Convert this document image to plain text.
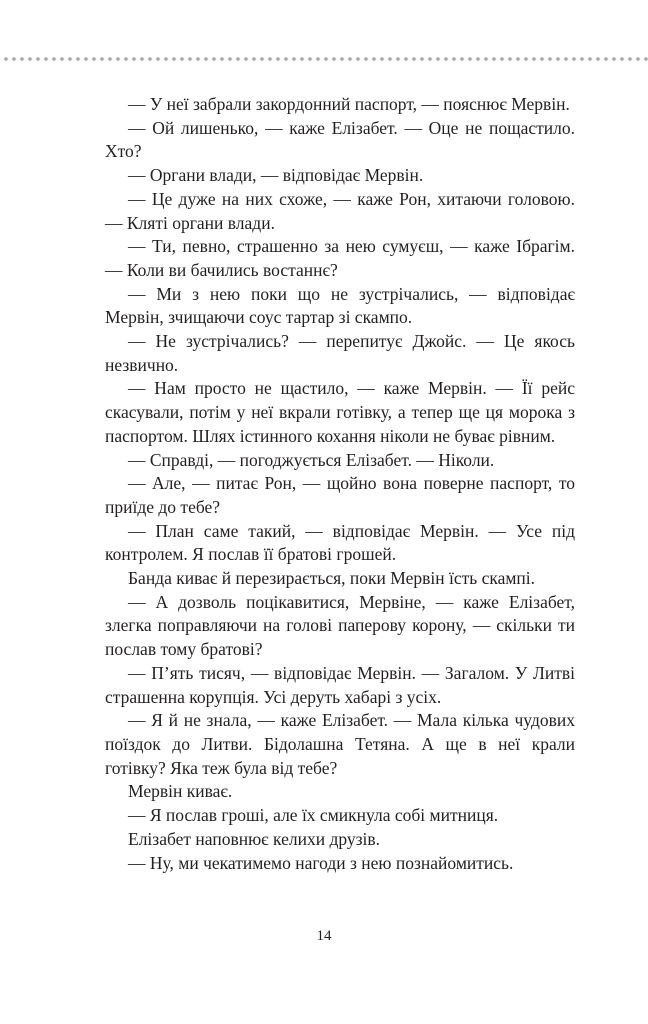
— У неї забрали закордонний паспорт, — пояснює Мервін.

— Ой лишенько, — каже Елізабет. — Оце не пощастило. Хто?

— Органи влади, — відповідає Мервін.

— Це дуже на них схоже, — каже Рон, хитаючи головою. — Кляті органи влади.

— Ти, певно, страшенно за нею сумуєш, — каже Ібрагім. — Коли ви бачились востаннє?

— Ми з нею поки що не зустрічались, — відповідає Мервін, зчищаючи соус тартар зі скампо.

— Не зустрічались? — перепитує Джойс. — Це якось незвично.

— Нам просто не щастило, — каже Мервін. — Її рейс скасували, потім у неї вкрали готівку, а тепер ще ця морока з паспортом. Шлях істинного кохання ніколи не буває рівним.

— Справді, — погоджується Елізабет. — Ніколи.

— Але, — питає Рон, — щойно вона поверне паспорт, то приїде до тебе?

— План саме такий, — відповідає Мервін. — Усе під контролем. Я послав її братові грошей.

Банда киває й перезирається, поки Мервін їсть скампі.

— А дозволь поцікавитися, Мервіне, — каже Елізабет, злегка поправляючи на голові паперову корону, — скільки ти послав тому братові?

— П’ять тисяч, — відповідає Мервін. — Загалом. У Литві страшенна корупція. Усі деруть хабарі з усіх.

— Я й не знала, — каже Елізабет. — Мала кілька чудових поїздок до Литви. Бідолашна Тетяна. А ще в неї крали готівку? Яка теж була від тебе?

Мервін киває.

— Я послав гроші, але їх смикнула собі митниця.

Елізабет наповнює келихи друзів.

— Ну, ми чекатимемо нагоди з нею познайомитись.

14
